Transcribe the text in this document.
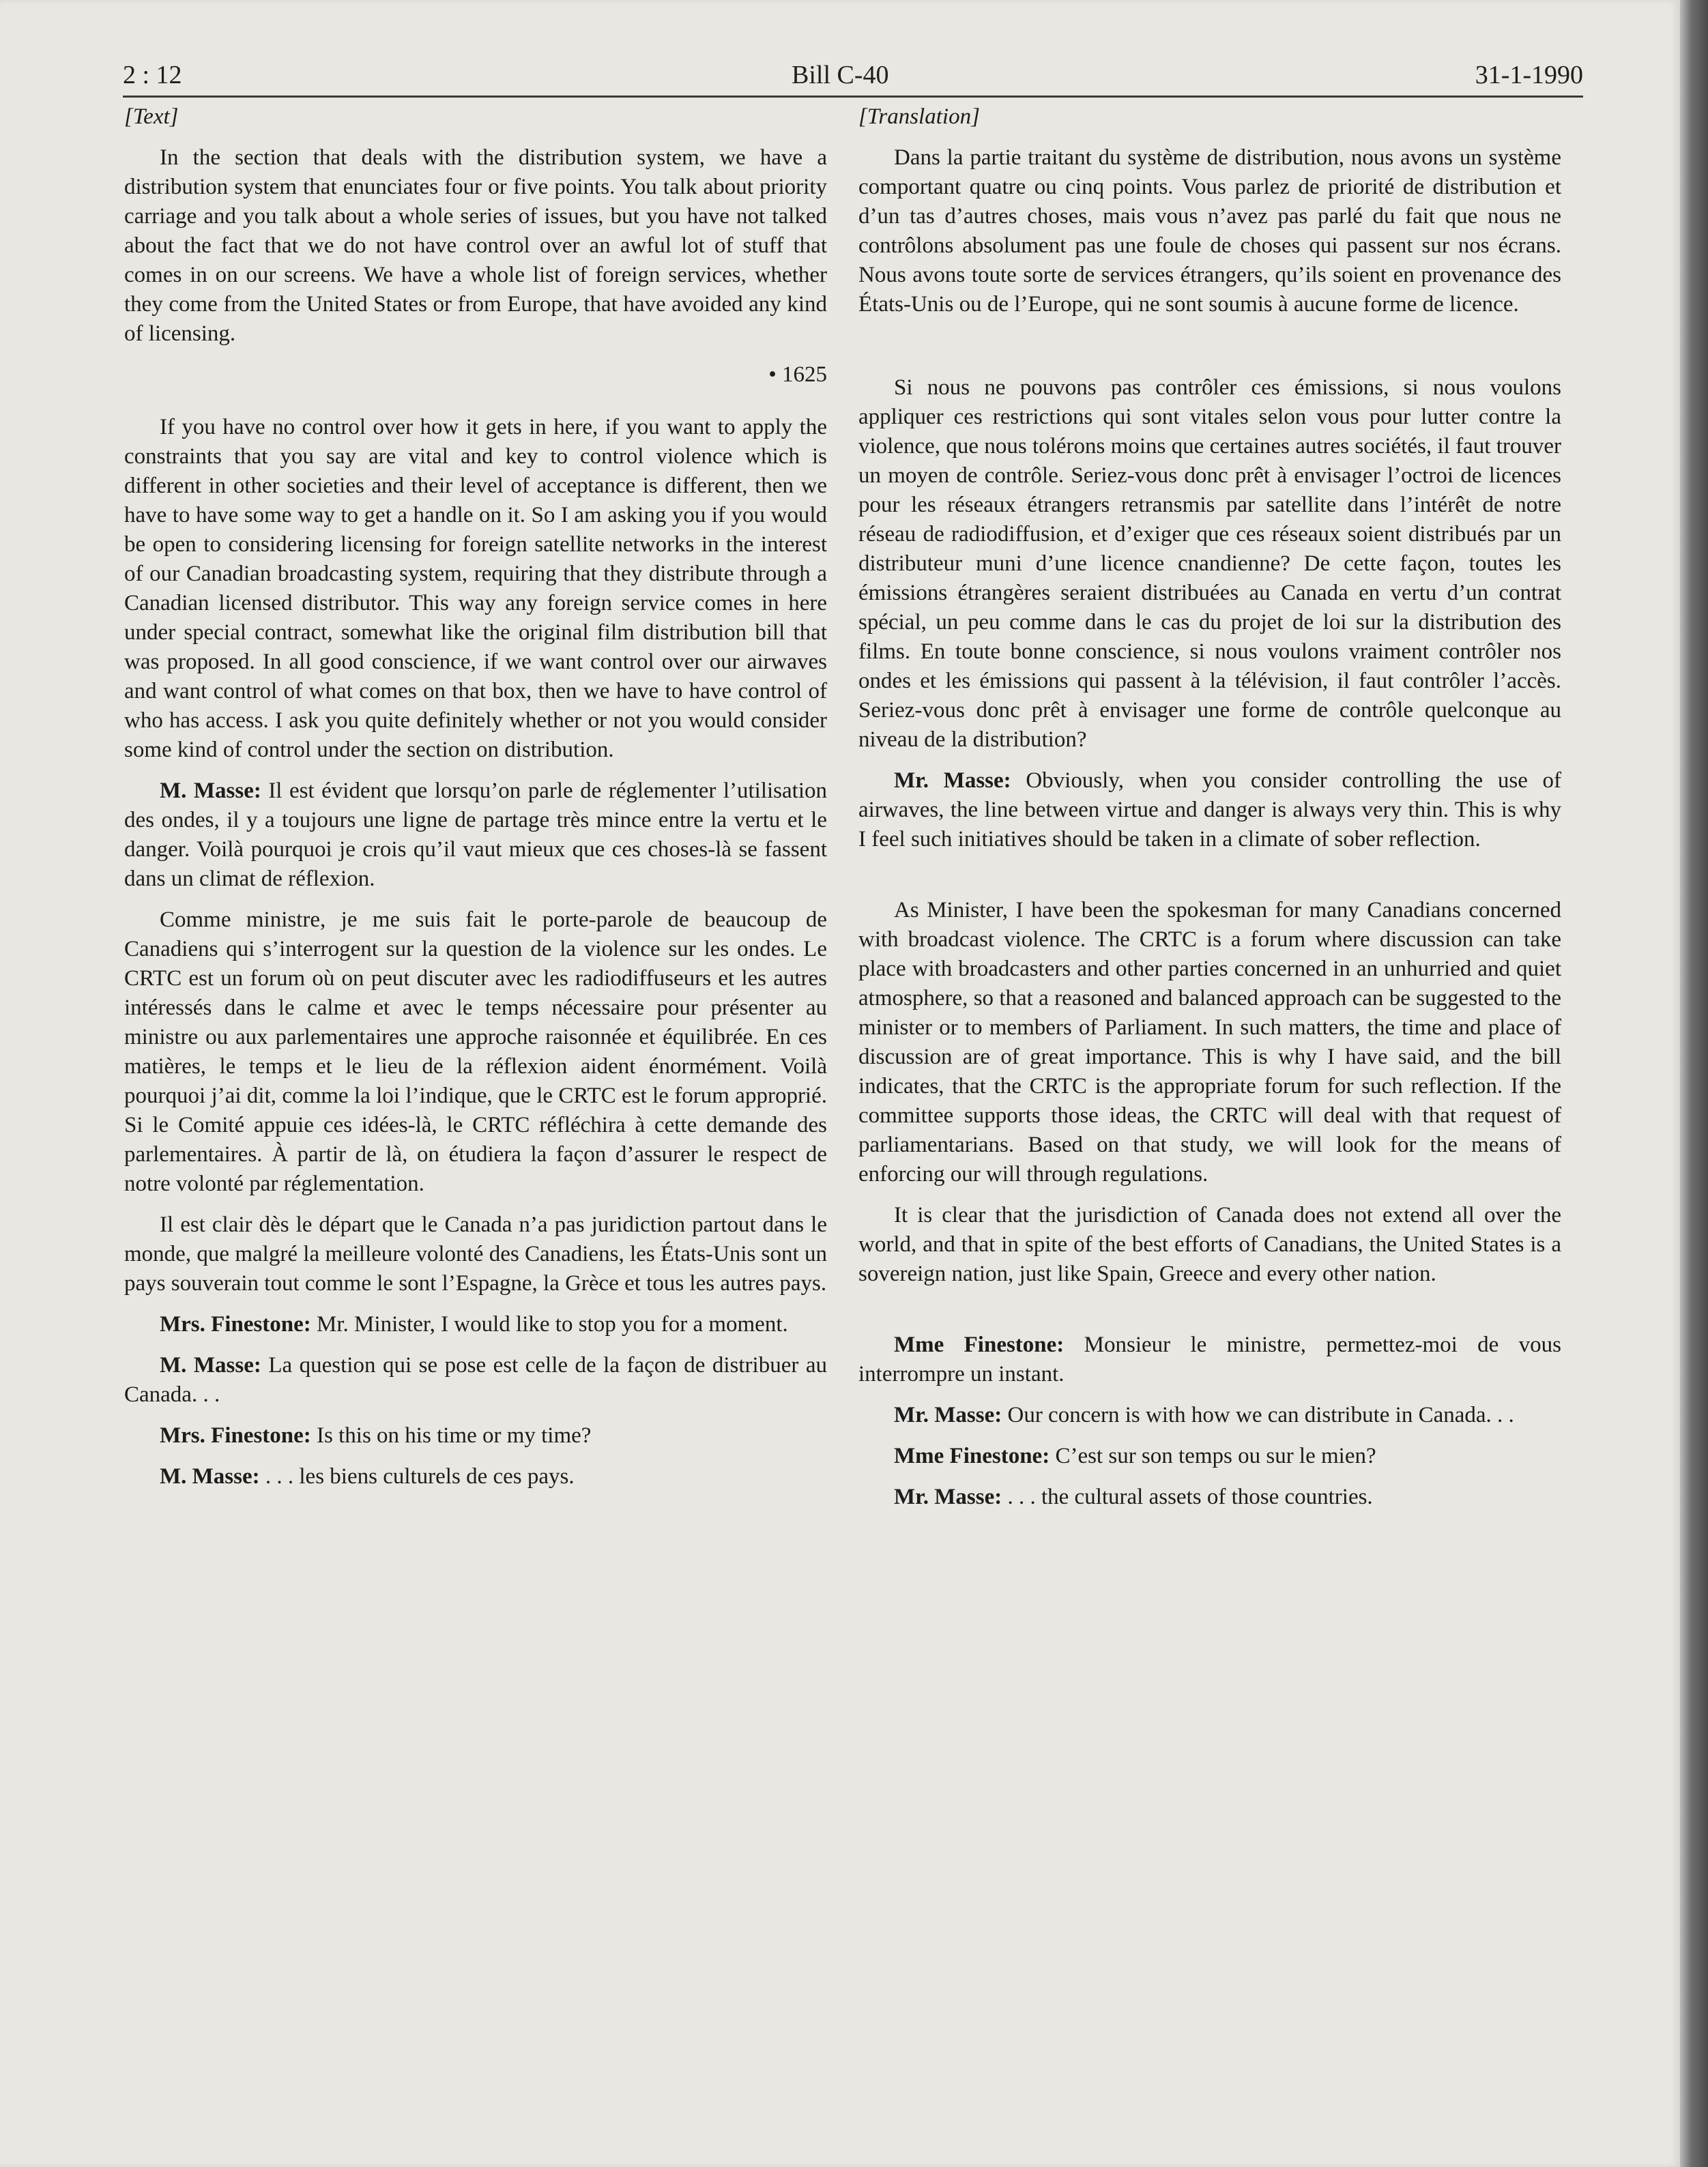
2 : 12	Bill C-40	31-1-1990

[Text]

In the section that deals with the distribution system, we have a distribution system that enunciates four or five points. You talk about priority carriage and you talk about a whole series of issues, but you have not talked about the fact that we do not have control over an awful lot of stuff that comes in on our screens. We have a whole list of foreign services, whether they come from the United States or from Europe, that have avoided any kind of licensing.

• 1625

If you have no control over how it gets in here, if you want to apply the constraints that you say are vital and key to control violence which is different in other societies and their level of acceptance is different, then we have to have some way to get a handle on it. So I am asking you if you would be open to considering licensing for foreign satellite networks in the interest of our Canadian broadcasting system, requiring that they distribute through a Canadian licensed distributor. This way any foreign service comes in here under special contract, somewhat like the original film distribution bill that was proposed. In all good conscience, if we want control over our airwaves and want control of what comes on that box, then we have to have control of who has access. I ask you quite definitely whether or not you would consider some kind of control under the section on distribution.

M. Masse: Il est évident que lorsqu’on parle de réglementer l’utilisation des ondes, il y a toujours une ligne de partage très mince entre la vertu et le danger. Voilà pourquoi je crois qu’il vaut mieux que ces choses-là se fassent dans un climat de réflexion.

Comme ministre, je me suis fait le porte-parole de beaucoup de Canadiens qui s’interrogent sur la question de la violence sur les ondes. Le CRTC est un forum où on peut discuter avec les radiodiffuseurs et les autres intéressés dans le calme et avec le temps nécessaire pour présenter au ministre ou aux parlementaires une approche raisonnée et équilibrée. En ces matières, le temps et le lieu de la réflexion aident énormément. Voilà pourquoi j’ai dit, comme la loi l’indique, que le CRTC est le forum approprié. Si le Comité appuie ces idées-là, le CRTC réfléchira à cette demande des parlementaires. À partir de là, on étudiera la façon d’assurer le respect de notre volonté par réglementation.

Il est clair dès le départ que le Canada n’a pas juridiction partout dans le monde, que malgré la meilleure volonté des Canadiens, les États-Unis sont un pays souverain tout comme le sont l’Espagne, la Grèce et tous les autres pays.

Mrs. Finestone: Mr. Minister, I would like to stop you for a moment.

M. Masse: La question qui se pose est celle de la façon de distribuer au Canada. . .

Mrs. Finestone: Is this on his time or my time?

M. Masse: . . . les biens culturels de ces pays.

[Translation]

Dans la partie traitant du système de distribution, nous avons un système comportant quatre ou cinq points. Vous parlez de priorité de distribution et d’un tas d’autres choses, mais vous n’avez pas parlé du fait que nous ne contrôlons absolument pas une foule de choses qui passent sur nos écrans. Nous avons toute sorte de services étrangers, qu’ils soient en provenance des États-Unis ou de l’Europe, qui ne sont soumis à aucune forme de licence.

Si nous ne pouvons pas contrôler ces émissions, si nous voulons appliquer ces restrictions qui sont vitales selon vous pour lutter contre la violence, que nous tolérons moins que certaines autres sociétés, il faut trouver un moyen de contrôle. Seriez-vous donc prêt à envisager l’octroi de licences pour les réseaux étrangers retransmis par satellite dans l’intérêt de notre réseau de radiodiffusion, et d’exiger que ces réseaux soient distribués par un distributeur muni d’une licence cnandienne? De cette façon, toutes les émissions étrangères seraient distribuées au Canada en vertu d’un contrat spécial, un peu comme dans le cas du projet de loi sur la distribution des films. En toute bonne conscience, si nous voulons vraiment contrôler nos ondes et les émissions qui passent à la télévision, il faut contrôler l’accès. Seriez-vous donc prêt à envisager une forme de contrôle quelconque au niveau de la distribution?

Mr. Masse: Obviously, when you consider controlling the use of airwaves, the line between virtue and danger is always very thin. This is why I feel such initiatives should be taken in a climate of sober reflection.

As Minister, I have been the spokesman for many Canadians concerned with broadcast violence. The CRTC is a forum where discussion can take place with broadcasters and other parties concerned in an unhurried and quiet atmosphere, so that a reasoned and balanced approach can be suggested to the minister or to members of Parliament. In such matters, the time and place of discussion are of great importance. This is why I have said, and the bill indicates, that the CRTC is the appropriate forum for such reflection. If the committee supports those ideas, the CRTC will deal with that request of parliamentarians. Based on that study, we will look for the means of enforcing our will through regulations.

It is clear that the jurisdiction of Canada does not extend all over the world, and that in spite of the best efforts of Canadians, the United States is a sovereign nation, just like Spain, Greece and every other nation.

Mme Finestone: Monsieur le ministre, permettez-moi de vous interrompre un instant.

Mr. Masse: Our concern is with how we can distribute in Canada. . .

Mme Finestone: C’est sur son temps ou sur le mien?

Mr. Masse: . . . the cultural assets of those countries.
